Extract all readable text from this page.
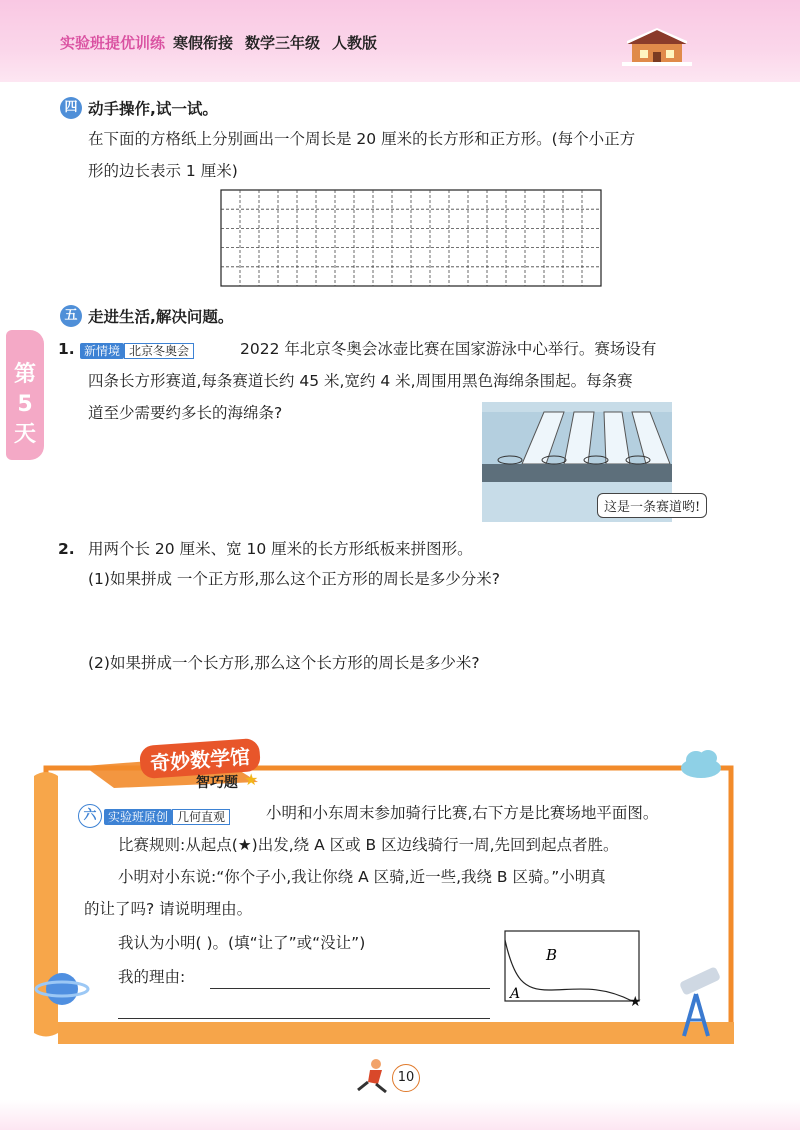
实验班提优训练 寒假衔接 数学三年级 人教版
第
5
天
四 动手操作,试一试。
在下面的方格纸上分别画出一个周长是 20 厘米的长方形和正方形。(每个小正方
形的边长表示 1 厘米)
五 走进生活,解决问题。
1. 新情境 北京冬奥会	2022 年北京冬奥会冰壶比赛在国家游泳中心举行。赛场设有
四条长方形赛道,每条赛道长约 45 米,宽约 4 米,周围用黑色海绵条围起。每条赛
道至少需要约多长的海绵条?
这是一条赛道哟!
2. 用两个长 20 厘米、宽 10 厘米的长方形纸板来拼图形。
(1)如果拼成 一个正方形,那么这个正方形的周长是多少分米?
(2)如果拼成一个长方形,那么这个长方形的周长是多少米?
奇妙数学馆
智巧题 ★
六 实验班原创 几何直观	小明和小东周末参加骑行比赛,右下方是比赛场地平面图。
比赛规则:从起点(★)出发,绕 A 区或 B 区边线骑行一周,先回到起点者胜。
小明对小东说:“你个子小,我让你绕 A 区骑,近一些,我绕 B 区骑。”小明真
的让了吗? 请说明理由。
我认为小明( )。(填“让了”或“没让”)
我的理由:
B
A	★
10
